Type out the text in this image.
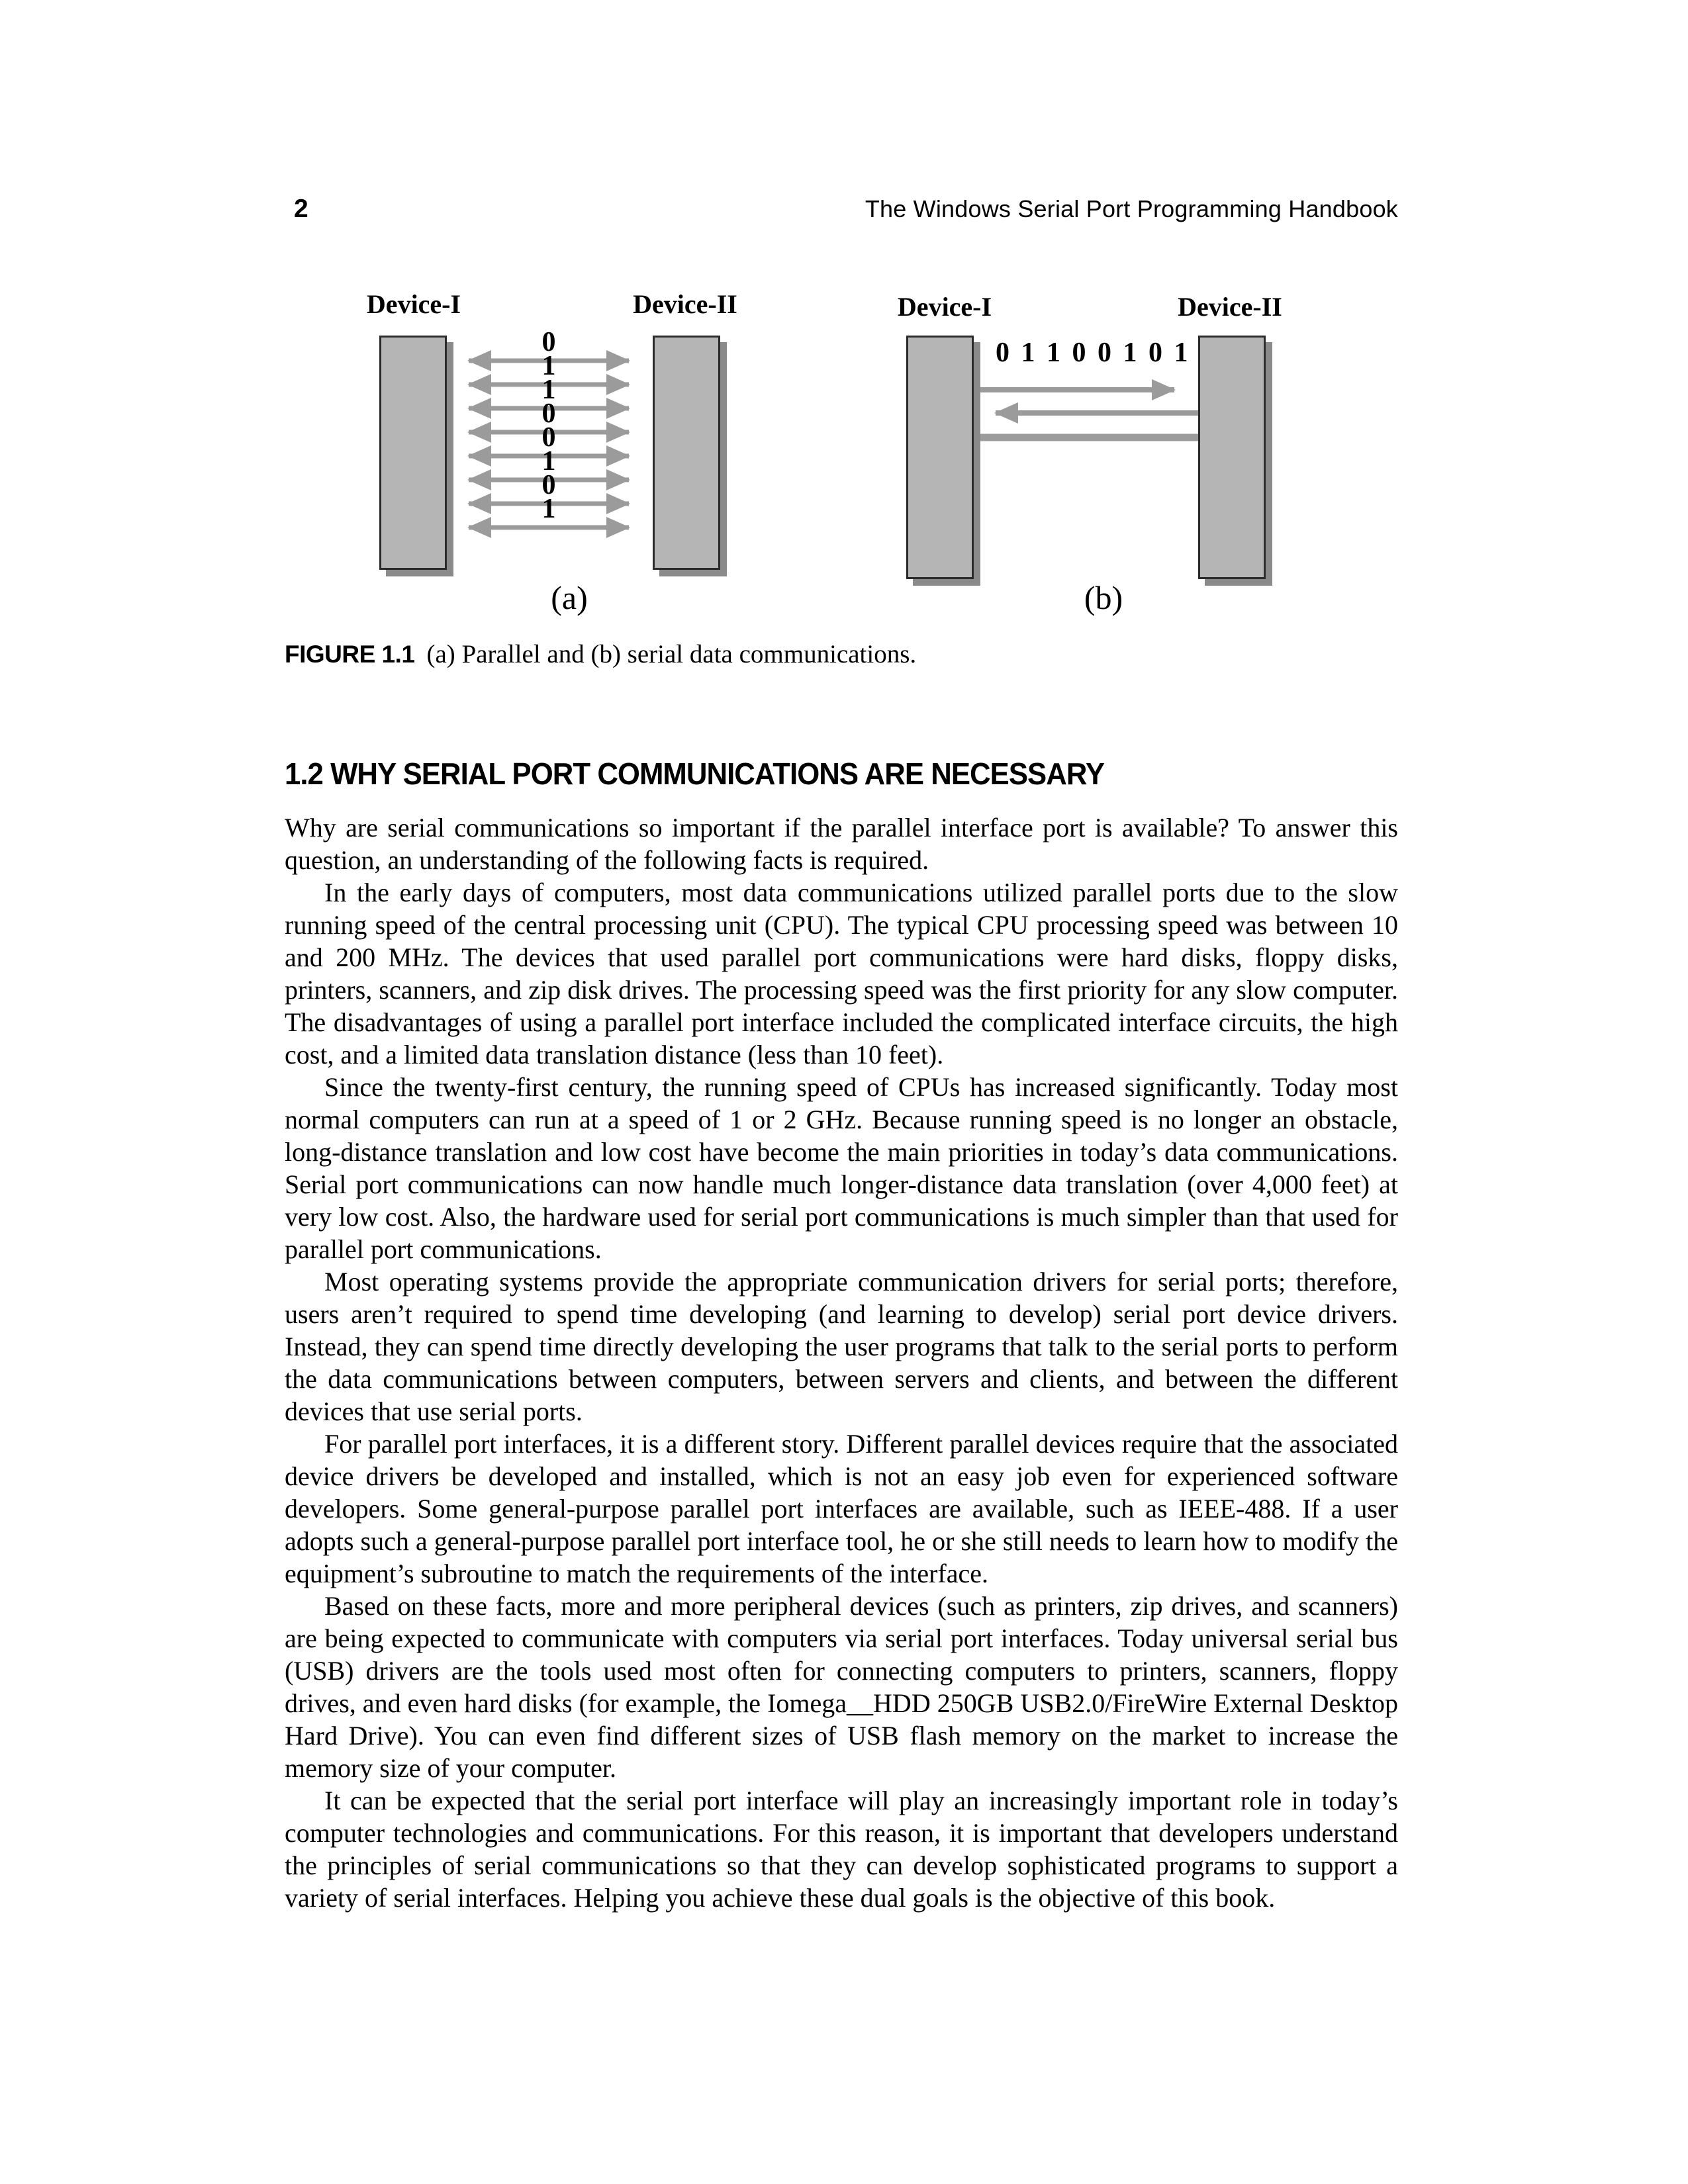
2	The Windows Serial Port Programming Handbook
Device-I	Device-II
0
1
1
0
0
1
0
1
(a)
Device-I	Device-II
0 1 1 0 0 1 0 1
(b)
FIGURE 1.1 (a) Parallel and (b) serial data communications.
1.2 WHY SERIAL PORT COMMUNICATIONS ARE NECESSARY

Why are serial communications so important if the parallel interface port is available? To answer this question, an understanding of the following facts is required.

In the early days of computers, most data communications utilized parallel ports due to the slow running speed of the central processing unit (CPU). The typical CPU processing speed was between 10 and 200 MHz. The devices that used parallel port communications were hard disks, floppy disks, printers, scanners, and zip disk drives. The processing speed was the first priority for any slow computer. The disadvantages of using a parallel port interface included the complicated interface circuits, the high cost, and a limited data translation distance (less than 10 feet).

Since the twenty-first century, the running speed of CPUs has increased significantly. Today most normal computers can run at a speed of 1 or 2 GHz. Because running speed is no longer an obstacle, long-distance translation and low cost have become the main priorities in today’s data communications. Serial port communications can now handle much longer-distance data translation (over 4,000 feet) at very low cost. Also, the hardware used for serial port communications is much simpler than that used for parallel port communications.

Most operating systems provide the appropriate communication drivers for serial ports; therefore, users aren’t required to spend time developing (and learning to develop) serial port device drivers. Instead, they can spend time directly developing the user programs that talk to the serial ports to perform the data communications between computers, between servers and clients, and between the different devices that use serial ports.

For parallel port interfaces, it is a different story. Different parallel devices require that the associated device drivers be developed and installed, which is not an easy job even for experienced software developers. Some general-purpose parallel port interfaces are available, such as IEEE-488. If a user adopts such a general-purpose parallel port interface tool, he or she still needs to learn how to modify the equipment’s subroutine to match the requirements of the interface.

Based on these facts, more and more peripheral devices (such as printers, zip drives, and scanners) are being expected to communicate with computers via serial port interfaces. Today universal serial bus (USB) drivers are the tools used most often for connecting computers to printers, scanners, floppy drives, and even hard disks (for example, the Iomega__HDD 250GB USB2.0/FireWire External Desktop Hard Drive). You can even find different sizes of USB flash memory on the market to increase the memory size of your computer.

It can be expected that the serial port interface will play an increasingly important role in today’s computer technologies and communications. For this reason, it is important that developers understand the principles of serial communications so that they can develop sophisticated programs to support a variety of serial interfaces. Helping you achieve these dual goals is the objective of this book.
